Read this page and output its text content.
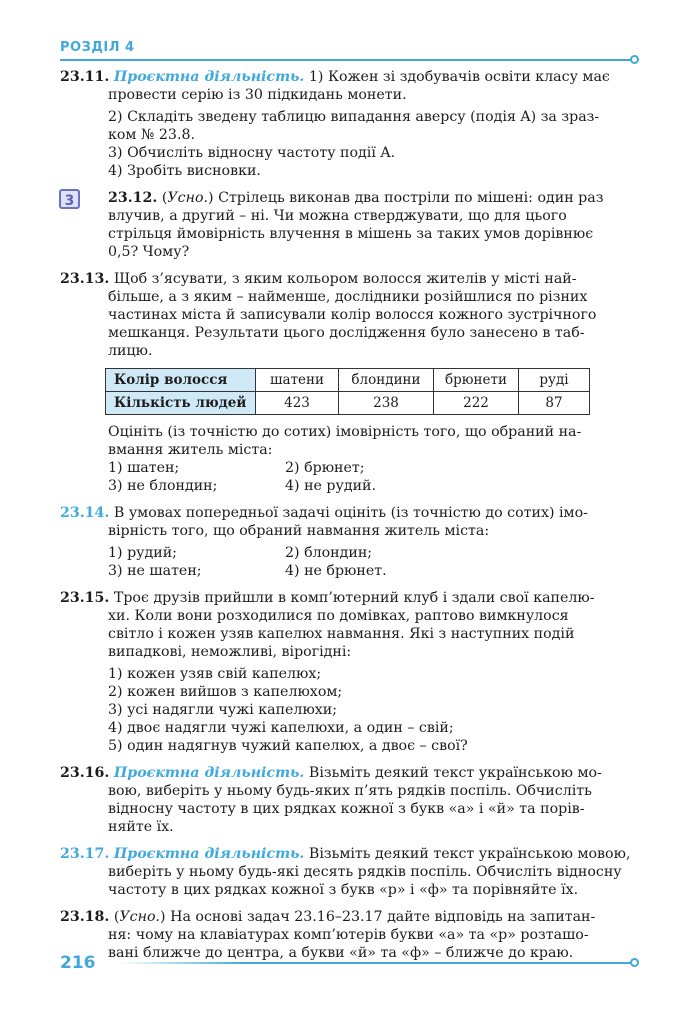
РОЗДІЛ 4
23.11. Проєктна діяльність. 1) Кожен зі здобувачів освіти класу має
провести серію із 30 підкидань монети.
2) Складіть зведену таблицю випадання аверсу (подія A) за зраз-
ком № 23.8.
3) Обчисліть відносну частоту події A.
4) Зробіть висновки.
3	23.12. (Усно.) Стрілець виконав два постріли по мішені: один раз
влучив, а другий – ні. Чи можна стверджувати, що для цього
стрільця ймовірність влучення в мішень за таких умов дорівнює
0,5? Чому?
23.13. Щоб з’ясувати, з яким кольором волосся жителів у місті най-
більше, а з яким – найменше, дослідники розійшлися по різних
частинах міста й записували колір волосся кожного зустрічного
мешканця. Результати цього дослідження було занесено в таб-
лицю.
Колір волосся	шатени	блондини	брюнети	руді
Кількість людей	423	238	222	87
Оцініть (із точністю до сотих) імовірність того, що обраний на-
вмання житель міста:
1) шатен;	2) брюнет;
3) не блондин;	4) не рудий.
23.14. В умовах попередньої задачі оцініть (із точністю до сотих) імо-
вірність того, що обраний навмання житель міста:
1) рудий;	2) блондин;
3) не шатен;	4) не брюнет.
23.15. Троє друзів прийшли в комп’ютерний клуб і здали свої капелю-
хи. Коли вони розходилися по домівках, раптово вимкнулося
світло і кожен узяв капелюх навмання. Які з наступних подій
випадкові, неможливі, вірогідні:
1) кожен узяв свій капелюх;
2) кожен вийшов з капелюхом;
3) усі надягли чужі капелюхи;
4) двоє надягли чужі капелюхи, а один – свій;
5) один надягнув чужий капелюх, а двоє – свої?
23.16. Проєктна діяльність. Візьміть деякий текст українською мо-
вою, виберіть у ньому будь-яких п’ять рядків поспіль. Обчисліть
відносну частоту в цих рядках кожної з букв «а» і «й» та порів-
няйте їх.
23.17. Проєктна діяльність. Візьміть деякий текст українською мовою,
виберіть у ньому будь-які десять рядків поспіль. Обчисліть відносну
частоту в цих рядках кожної з букв «р» і «ф» та порівняйте їх.
23.18. (Усно.) На основі задач 23.16–23.17 дайте відповідь на запитан-
ня: чому на клавіатурах комп’ютерів букви «а» та «р» розташо-
вані ближче до центра, а букви «й» та «ф» – ближче до краю.
216
